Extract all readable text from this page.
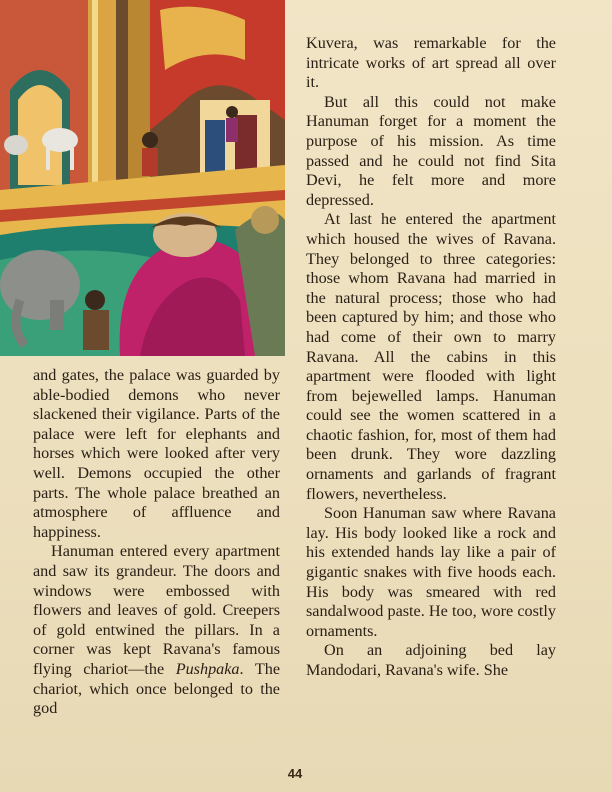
and gates, the palace was guarded by able-bodied demons who never slackened their vigilance. Parts of the palace were left for elephants and horses which were looked after very well. Demons occupied the other parts. The whole palace breathed an atmosphere of affluence and happiness.

Hanuman entered every apartment and saw its grandeur. The doors and windows were embossed with flowers and leaves of gold. Creepers of gold entwined the pillars. In a corner was kept Ravana's famous flying chariot—the Pushpaka. The chariot, which once belonged to the god

Kuvera, was remarkable for the intricate works of art spread all over it.

But all this could not make Hanuman forget for a moment the purpose of his mission. As time passed and he could not find Sita Devi, he felt more and more depressed.

At last he entered the apartment which housed the wives of Ravana. They belonged to three categories: those whom Ravana had married in the natural process; those who had been captured by him; and those who had come of their own to marry Ravana. All the cabins in this apartment were flooded with light from bejewelled lamps. Hanuman could see the women scattered in a chaotic fashion, for, most of them had been drunk. They wore dazzling ornaments and garlands of fragrant flowers, nevertheless.

Soon Hanuman saw where Ravana lay. His body looked like a rock and his extended hands lay like a pair of gigantic snakes with five hoods each. His body was smeared with red sandalwood paste. He too, wore costly ornaments.

On an adjoining bed lay Mandodari, Ravana's wife. She

44
